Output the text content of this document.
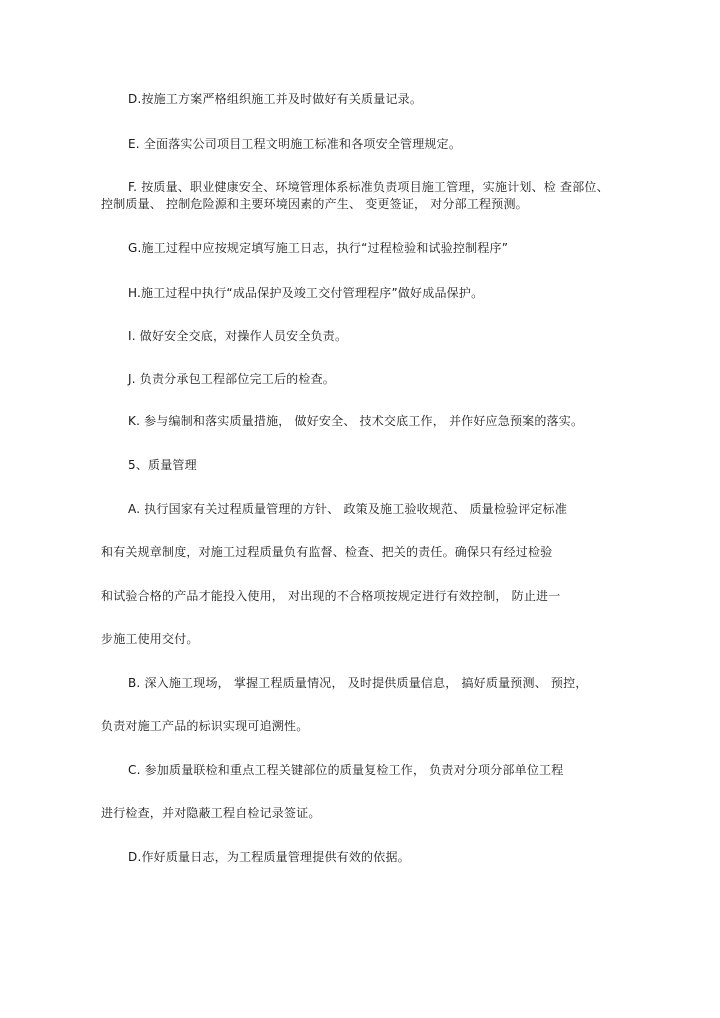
D.按施工方案严格组织施工并及时做好有关质量记录。
E. 全面落实公司项目工程文明施工标准和各项安全管理规定。
F. 按质量、职业健康安全、环境管理体系标准负责项目施工管理，实施计划、检 查部位、
控制质量、 控制危险源和主要环境因素的产生、 变更签证， 对分部工程预测。
G.施工过程中应按规定填写施工日志，执行“过程检验和试验控制程序”
H.施工过程中执行“成品保护及竣工交付管理程序”做好成品保护。
I. 做好安全交底，对操作人员安全负责。
J. 负责分承包工程部位完工后的检查。
K. 参与编制和落实质量措施， 做好安全、 技术交底工作， 并作好应急预案的落实。
5、质量管理
A. 执行国家有关过程质量管理的方针、 政策及施工验收规范、 质量检验评定标准
和有关规章制度，对施工过程质量负有监督、检查、把关的责任。确保只有经过检验
和试验合格的产品才能投入使用， 对出现的不合格项按规定进行有效控制， 防止进一
步施工使用交付。
B. 深入施工现场， 掌握工程质量情况， 及时提供质量信息， 搞好质量预测、 预控，
负责对施工产品的标识实现可追溯性。
C. 参加质量联检和重点工程关键部位的质量复检工作， 负责对分项分部单位工程
进行检查，并对隐蔽工程自检记录签证。
D.作好质量日志，为工程质量管理提供有效的依据。
